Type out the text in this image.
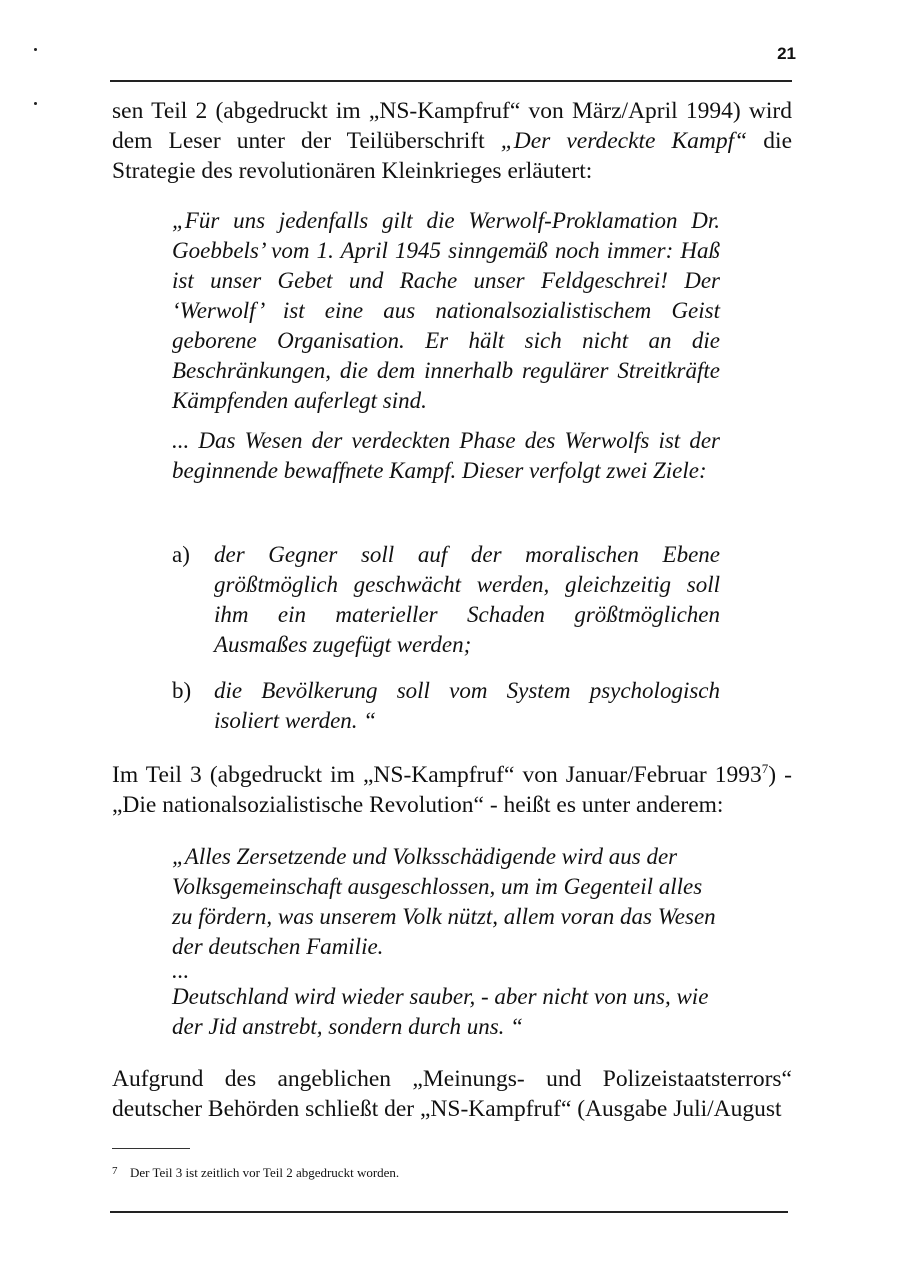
21

sen Teil 2 (abgedruckt im „NS-Kampfruf“ von März/April 1994) wird dem Leser unter der Teilüberschrift „Der verdeckte Kampf“ die Strategie des revolutionären Kleinkrieges erläutert:

„Für uns jedenfalls gilt die Werwolf-Proklamation Dr. Goebbels’ vom 1. April 1945 sinngemäß noch immer: Haß ist unser Gebet und Rache unser Feldgeschrei! Der ‘Werwolf’ ist eine aus nationalsozialistischem Geist geborene Organisation. Er hält sich nicht an die Beschränkungen, die dem innerhalb regulärer Streitkräfte Kämpfenden auferlegt sind.

... Das Wesen der verdeckten Phase des Werwolfs ist der beginnende bewaffnete Kampf. Dieser verfolgt zwei Ziele:

a) der Gegner soll auf der moralischen Ebene größtmöglich geschwächt werden, gleichzeitig soll ihm ein materieller Schaden größtmöglichen Ausmaßes zugefügt werden;
b) die Bevölkerung soll vom System psychologisch isoliert werden. “

Im Teil 3 (abgedruckt im „NS-Kampfruf“ von Januar/Februar 1993$^7$) - „Die nationalsozialistische Revolution“ - heißt es unter anderem:

„Alles Zersetzende und Volksschädigende wird aus der Volksgemeinschaft ausgeschlossen, um im Gegenteil alles zu fördern, was unserem Volk nützt, allem voran das Wesen der deutschen Familie.

...

Deutschland wird wieder sauber, - aber nicht von uns, wie der Jid anstrebt, sondern durch uns. “

Aufgrund des angeblichen „Meinungs- und Polizeistaatsterrors“ deutscher Behörden schließt der „NS-Kampfruf“ (Ausgabe Juli/August

7 Der Teil 3 ist zeitlich vor Teil 2 abgedruckt worden.
